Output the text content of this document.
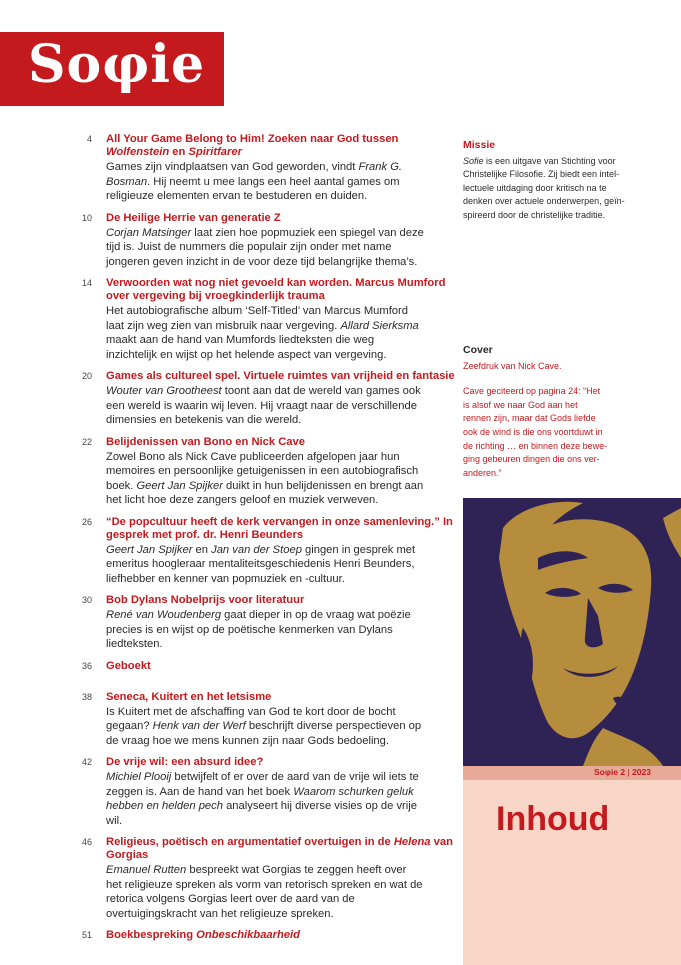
Soφie
4 All Your Game Belong to Him! Zoeken naar God tussen Wolfenstein en Spiritfarer
Games zijn vindplaatsen van God geworden, vindt Frank G. Bosman. Hij neemt u mee langs een heel aantal games om religieuze elementen ervan te bestuderen en duiden.
10 De Heilige Herrie van generatie Z
Corjan Matsinger laat zien hoe popmuziek een spiegel van deze tijd is. Juist de nummers die populair zijn onder met name jongeren geven inzicht in de voor deze tijd belangrijke thema’s.
14 Verwoorden wat nog niet gevoeld kan worden. Marcus Mumford over vergeving bij vroegkinderlijk trauma
Het autobiografische album ‘Self-Titled’ van Marcus Mumford laat zijn weg zien van misbruik naar vergeving. Allard Sierksma maakt aan de hand van Mumfords liedteksten die weg inzichtelijk en wijst op het helende aspect van vergeving.
20 Games als cultureel spel. Virtuele ruimtes van vrijheid en fantasie
Wouter van Grootheest toont aan dat de wereld van games ook een wereld is waarin wij leven. Hij vraagt naar de verschillende dimensies en betekenis van die wereld.
22 Belijdenissen van Bono en Nick Cave
Zowel Bono als Nick Cave publiceerden afgelopen jaar hun memoires en persoonlijke getuigenissen in een autobiografisch boek. Geert Jan Spijker duikt in hun belijdenissen en brengt aan het licht hoe deze zangers geloof en muziek verweven.
26 “De popcultuur heeft de kerk vervangen in onze samenleving.” In gesprek met prof. dr. Henri Beunders
Geert Jan Spijker en Jan van der Stoep gingen in gesprek met emeritus hoogleraar mentaliteitsgeschiedenis Henri Beunders, liefhebber en kenner van popmuziek en -cultuur.
30 Bob Dylans Nobelprijs voor literatuur
René van Woudenberg gaat dieper in op de vraag wat poëzie precies is en wijst op de poëtische kenmerken van Dylans liedteksten.
36 Geboekt
38 Seneca, Kuitert en het letsisme
Is Kuitert met de afschaffing van God te kort door de bocht gegaan? Henk van der Werf beschrijft diverse perspectieven op de vraag hoe we mens kunnen zijn naar Gods bedoeling.
42 De vrije wil: een absurd idee?
Michiel Plooij betwijfelt of er over de aard van de vrije wil iets te zeggen is. Aan de hand van het boek Waarom schurken geluk hebben en helden pech analyseert hij diverse visies op de vrije wil.
46 Religieus, poëtisch en argumentatief overtuigen in de Helena van Gorgias
Emanuel Rutten bespreekt wat Gorgias te zeggen heeft over het religieuze spreken als vorm van retorisch spreken en wat de retorica volgens Gorgias leert over de aard van de overtuigingskracht van het religieuze spreken.
51 Boekbespreking Onbeschikbaarheid
Missie
Sofie is een uitgave van Stichting voor Christelijke Filosofie. Zij biedt een intel-lectuele uitdaging door kritisch na te denken over actuele onderwerpen, geïn-spireerd door de christelijke traditie.
Cover
Zeefdruk van Nick Cave.
Cave geciteerd op pagina 24: “Het is alsof we naar God aan het rennen zijn, maar dat Gods liefde ook de wind is die ons voortduwt in de richting … en binnen deze bewe-ging gebeuren dingen die ons ver-anderen.”
Soφie 2 | 2023
Inhoud
